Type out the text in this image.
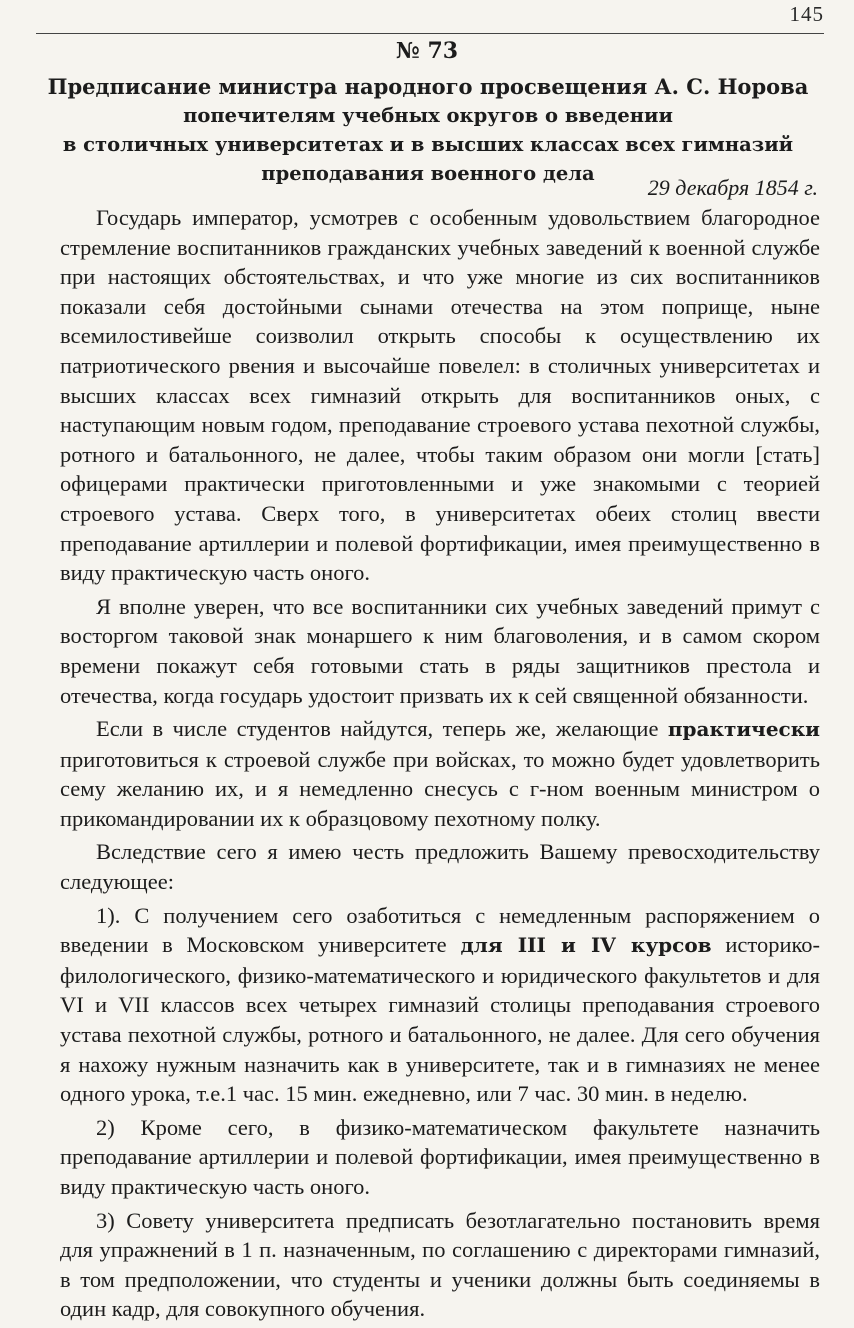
145
№ 73
Предписание министра народного просвещения А. С. Норова
попечителям учебных округов о введении
в столичных университетах и в высших классах всех гимназий
преподавания военного дела
29 декабря 1854 г.

Государь император, усмотрев с особенным удовольствием благородное стремление воспитанников гражданских учебных заведений к военной службе при настоящих обстоятельствах, и что уже многие из сих воспитанников показали себя достойными сынами отечества на этом поприще, ныне всемилостивейше соизволил открыть способы к осуществлению их патриотического рвения и высочайше повелел: в столичных университетах и высших классах всех гимназий открыть для воспитанников оных, с наступающим новым годом, преподавание строевого устава пехотной службы, ротного и батальонного, не далее, чтобы таким образом они могли [стать] офицерами практически приготовленными и уже знакомыми с теорией строевого устава. Сверх того, в университетах обеих столиц ввести преподавание артиллерии и полевой фортификации, имея преимущественно в виду практическую часть оного.

Я вполне уверен, что все воспитанники сих учебных заведений примут с восторгом таковой знак монаршего к ним благоволения, и в самом скором времени покажут себя готовыми стать в ряды защитников престола и отечества, когда государь удостоит призвать их к сей священной обязанности.

Если в числе студентов найдутся, теперь же, желающие практически приготовиться к строевой службе при войсках, то можно будет удовлетворить сему желанию их, и я немедленно снесусь с г-ном военным министром о прикомандировании их к образцовому пехотному полку.

Вследствие сего я имею честь предложить Вашему превосходительству следующее:

1). С получением сего озаботиться с немедленным распоряжением о введении в Московском университете для III и IV курсов историко-филологического, физико-математического и юридического факультетов и для VI и VII классов всех четырех гимназий столицы преподавания строевого устава пехотной службы, ротного и батальонного, не далее. Для сего обучения я нахожу нужным назначить как в университете, так и в гимназиях не менее одного урока, т.е.1 час. 15 мин. ежедневно, или 7 час. 30 мин. в неделю.

2) Кроме сего, в физико-математическом факультете назначить преподавание артиллерии и полевой фортификации, имея преимущественно в виду практическую часть оного.

3) Совету университета предписать безотлагательно постановить время для упражнений в 1 п. назначенным, по соглашению с директорами гимназий, в том предположении, что студенты и ученики должны быть соединяемы в один кадр, для совокупного обучения.
